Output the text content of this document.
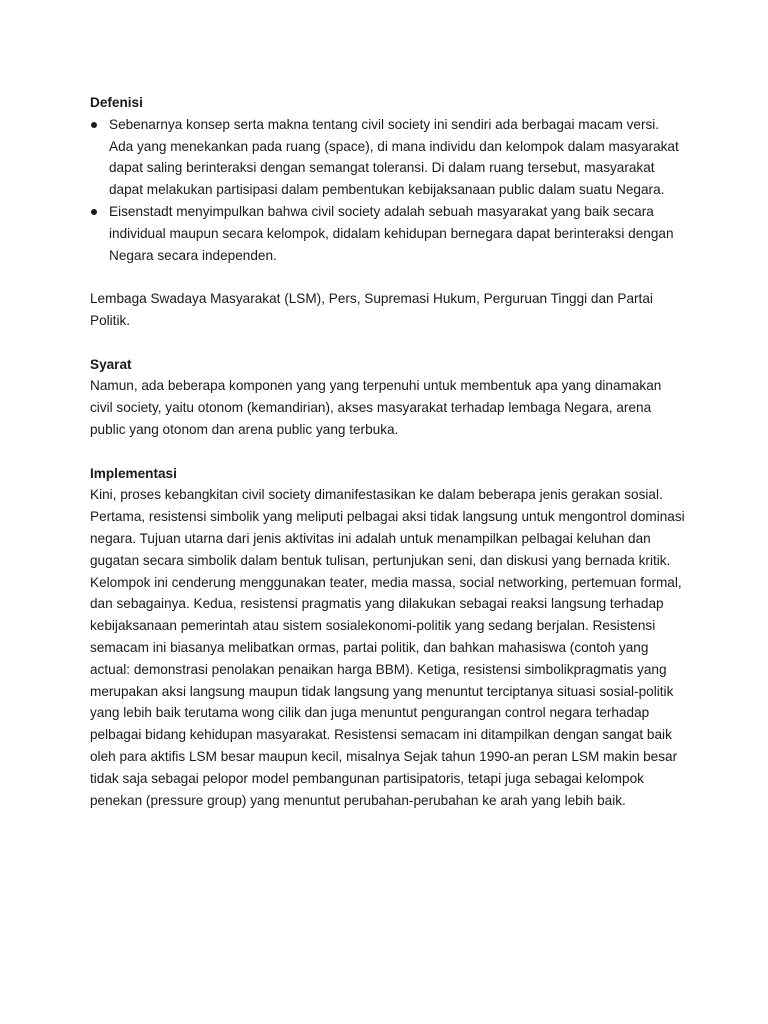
Defenisi

Sebenarnya konsep serta makna tentang civil society ini sendiri ada berbagai macam versi. Ada yang menekankan pada ruang (space), di mana individu dan kelompok dalam masyarakat dapat saling berinteraksi dengan semangat toleransi. Di dalam ruang tersebut, masyarakat dapat melakukan partisipasi dalam pembentukan kebijaksanaan public dalam suatu Negara.
Eisenstadt menyimpulkan bahwa civil society adalah sebuah masyarakat yang baik secara individual maupun secara kelompok, didalam kehidupan bernegara dapat berinteraksi dengan Negara secara independen.

Lembaga Swadaya Masyarakat (LSM), Pers, Supremasi Hukum, Perguruan Tinggi dan Partai Politik.

Syarat

Namun, ada beberapa komponen yang yang terpenuhi untuk membentuk apa yang dinamakan civil society, yaitu otonom (kemandirian), akses masyarakat terhadap lembaga Negara, arena public yang otonom dan arena public yang terbuka.

Implementasi

Kini, proses kebangkitan civil society dimanifestasikan ke dalam beberapa jenis gerakan sosial. Pertama, resistensi simbolik yang meliputi pelbagai aksi tidak langsung untuk mengontrol dominasi negara. Tujuan utarna dari jenis aktivitas ini adalah untuk menampilkan pelbagai keluhan dan gugatan secara simbolik dalam bentuk tulisan, pertunjukan seni, dan diskusi yang bernada kritik. Kelompok ini cenderung menggunakan teater, media massa, social networking, pertemuan formal, dan sebagainya. Kedua, resistensi pragmatis yang dilakukan sebagai reaksi langsung terhadap kebijaksanaan pemerintah atau sistem sosialekonomi-politik yang sedang berjalan. Resistensi semacam ini biasanya melibatkan ormas, partai politik, dan bahkan mahasiswa (contoh yang actual: demonstrasi penolakan penaikan harga BBM). Ketiga, resistensi simbolikpragmatis yang merupakan aksi langsung maupun tidak langsung yang menuntut terciptanya situasi sosial-politik yang lebih baik terutama wong cilik dan juga menuntut pengurangan control negara terhadap pelbagai bidang kehidupan masyarakat. Resistensi semacam ini ditampilkan dengan sangat baik oleh para aktifis LSM besar maupun kecil, misalnya Sejak tahun 1990-an peran LSM makin besar tidak saja sebagai pelopor model pembangunan partisipatoris, tetapi juga sebagai kelompok penekan (pressure group) yang menuntut perubahan-perubahan ke arah yang lebih baik.
